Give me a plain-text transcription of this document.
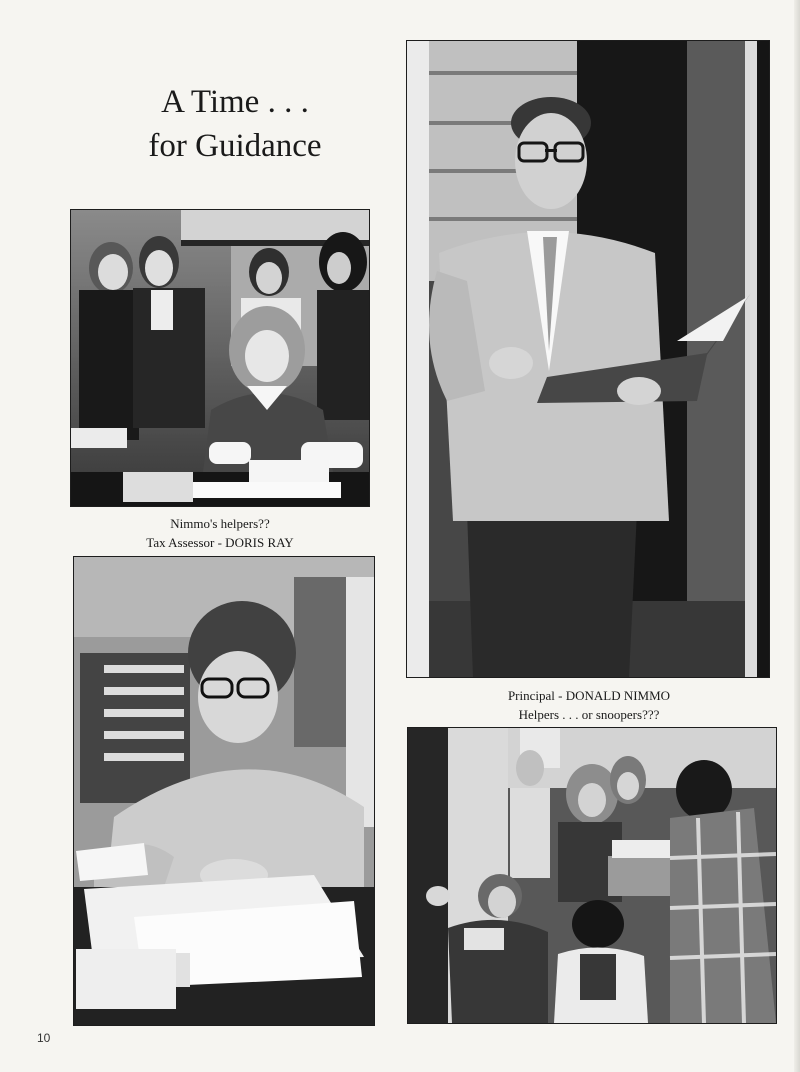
A Time . . .
for Guidance
Nimmo's helpers??
Tax Assessor - DORIS RAY
Principal - DONALD NIMMO
Helpers . . . or snoopers???
10
